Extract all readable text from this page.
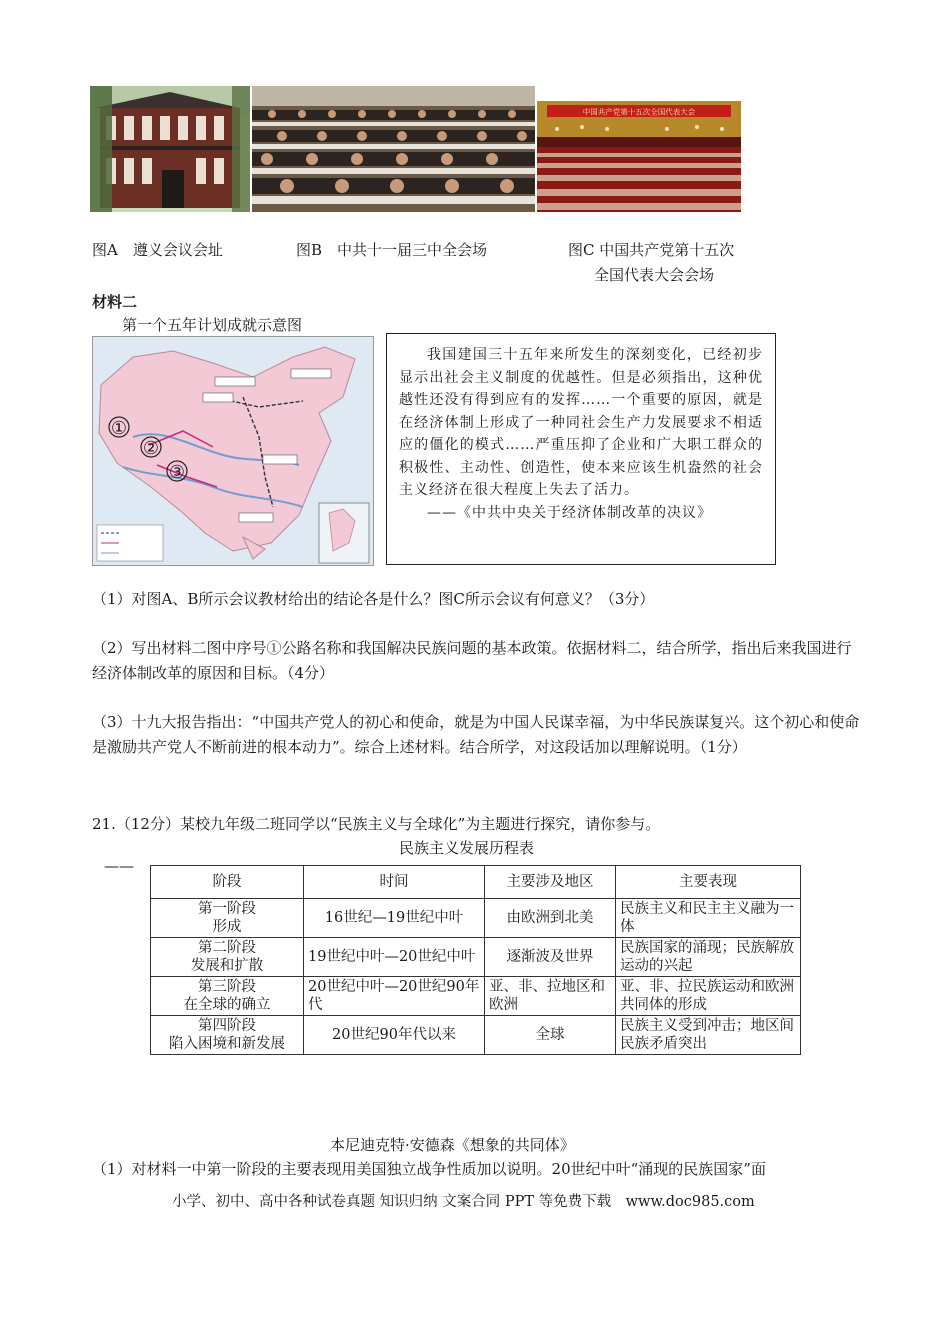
中国共产党第十五次全国代表大会
图A　遵义会议会址	图B　中共十一届三中全会场	图C 中国共产党第十五次
全国代表大会会场
材料二
第一个五年计划成就示意图
①
②
③

我国建国三十五年来所发生的深刻变化，已经初步显示出社会主义制度的优越性。但是必须指出，这种优越性还没有得到应有的发挥……一个重要的原因，就是在经济体制上形成了一种同社会生产力发展要求不相适应的僵化的模式……严重压抑了企业和广大职工群众的积极性、主动性、创造性，使本来应该生机盎然的社会主义经济在很大程度上失去了活力。

——《中共中央关于经济体制改革的决议》

（1）对图A、B所示会议教材给出的结论各是什么？图C所示会议有何意义？（3分）
（2）写出材料二图中序号①公路名称和我国解决民族问题的基本政策。依据材料二，结合所学，指出后来我国进行经济体制改革的原因和目标。（4分）
（3）十九大报告指出：“中国共产党人的初心和使命，就是为中国人民谋幸福，为中华民族谋复兴。这个初心和使命是激励共产党人不断前进的根本动力”。综合上述材料。结合所学，对这段话加以理解说明。（1分）
21.（12分）某校九年级二班同学以“民族主义与全球化”为主题进行探究，请你参与。
民族主义发展历程表
——
阶段	时间	主要涉及地区	主要表现

第一阶段
形成	16世纪—19世纪中叶	由欧洲到北美	民族主义和民主主义融为一体

第二阶段
发展和扩散	19世纪中叶—20世纪中叶	逐渐波及世界	民族国家的涌现；民族解放运动的兴起

第三阶段
在全球的确立	20世纪中叶—20世纪90年代	亚、非、拉地区和欧洲	亚、非、拉民族运动和欧洲共同体的形成

第四阶段
陷入困境和新发展	20世纪90年代以来	全球	民族主义受到冲击；地区间民族矛盾突出
本尼迪克特·安德森《想象的共同体》
（1）对材料一中第一阶段的主要表现用美国独立战争性质加以说明。20世纪中叶“涌现的民族国家”面
小学、初中、高中各种试卷真题 知识归纳 文案合同 PPT 等免费下载　www.doc985.com
